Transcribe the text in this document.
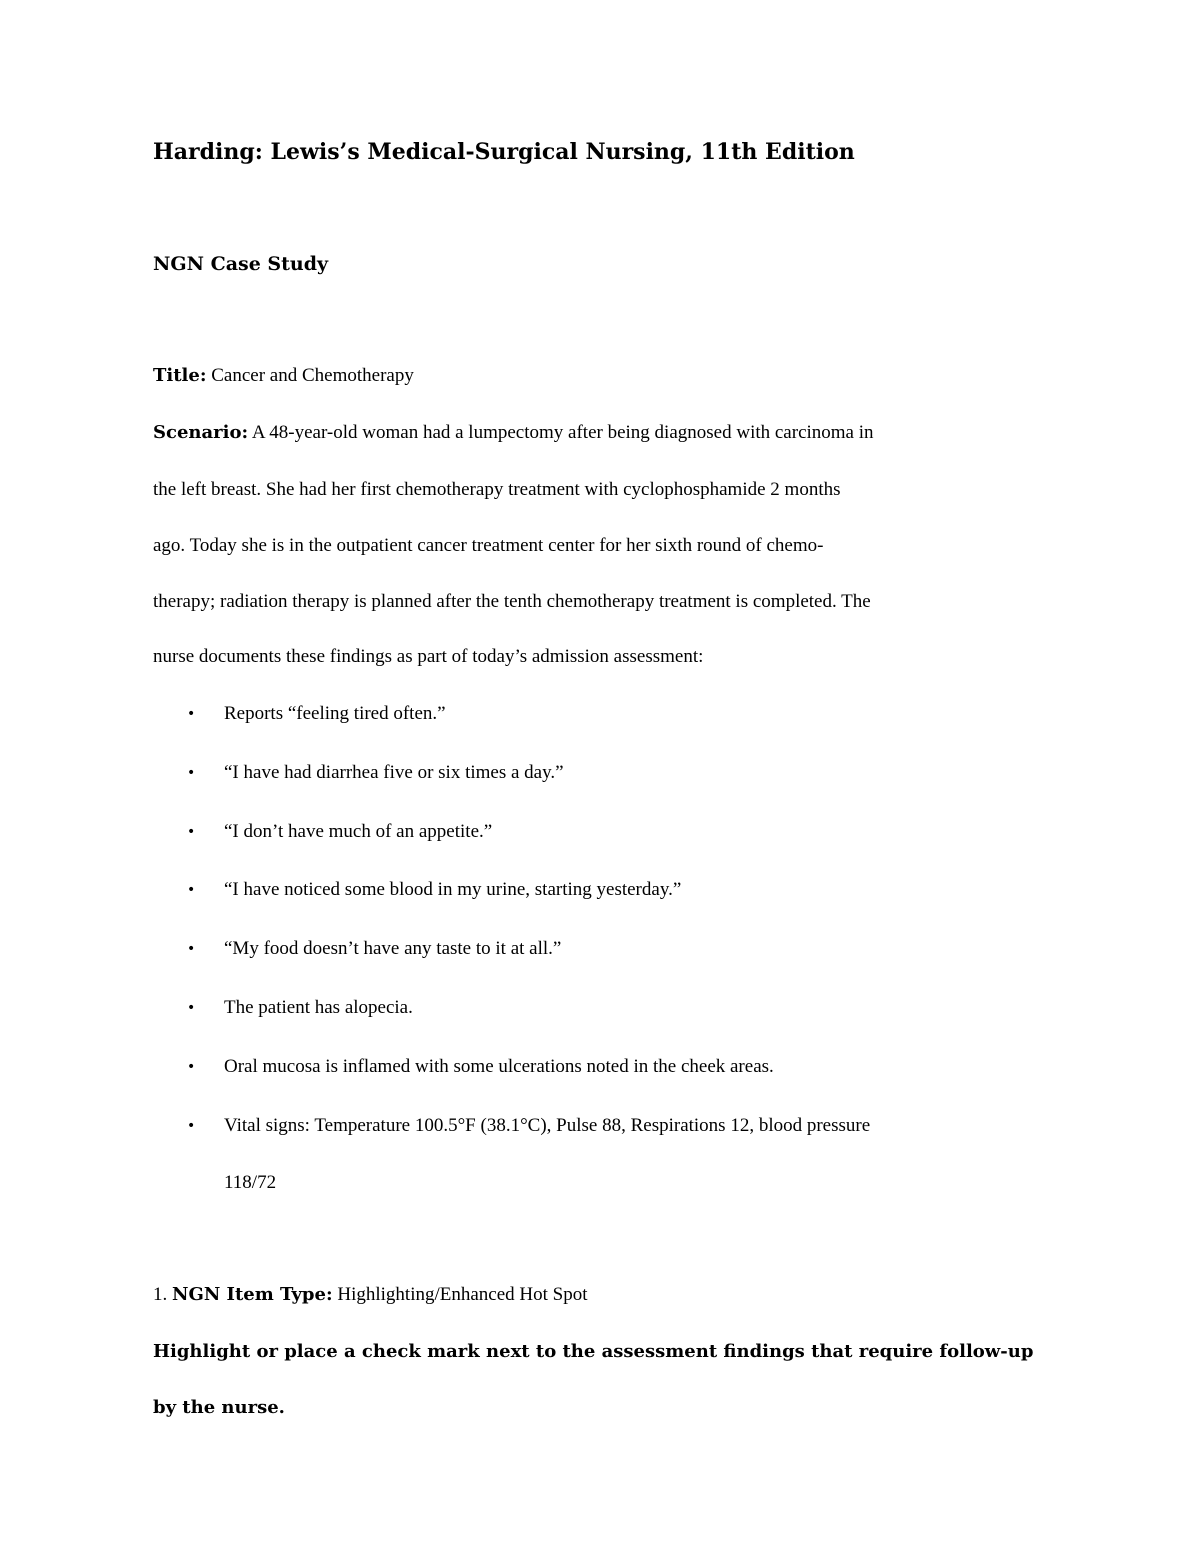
Harding: Lewis’s Medical-Surgical Nursing, 11th Edition
NGN Case Study
Title: Cancer and Chemotherapy
Scenario: A 48-year-old woman had a lumpectomy after being diagnosed with carcinoma in
the left breast. She had her first chemotherapy treatment with cyclophosphamide 2 months
ago. Today she is in the outpatient cancer treatment center for her sixth round of chemo-
therapy; radiation therapy is planned after the tenth chemotherapy treatment is completed. The
nurse documents these findings as part of today’s admission assessment:
• Reports “feeling tired often.”
• “I have had diarrhea five or six times a day.”
• “I don’t have much of an appetite.”
• “I have noticed some blood in my urine, starting yesterday.”
• “My food doesn’t have any taste to it at all.”
• The patient has alopecia.
• Oral mucosa is inflamed with some ulcerations noted in the cheek areas.
• Vital signs: Temperature 100.5°F (38.1°C), Pulse 88, Respirations 12, blood pressure
118/72
1. NGN Item Type: Highlighting/Enhanced Hot Spot
Highlight or place a check mark next to the assessment findings that require follow-up
by the nurse.
